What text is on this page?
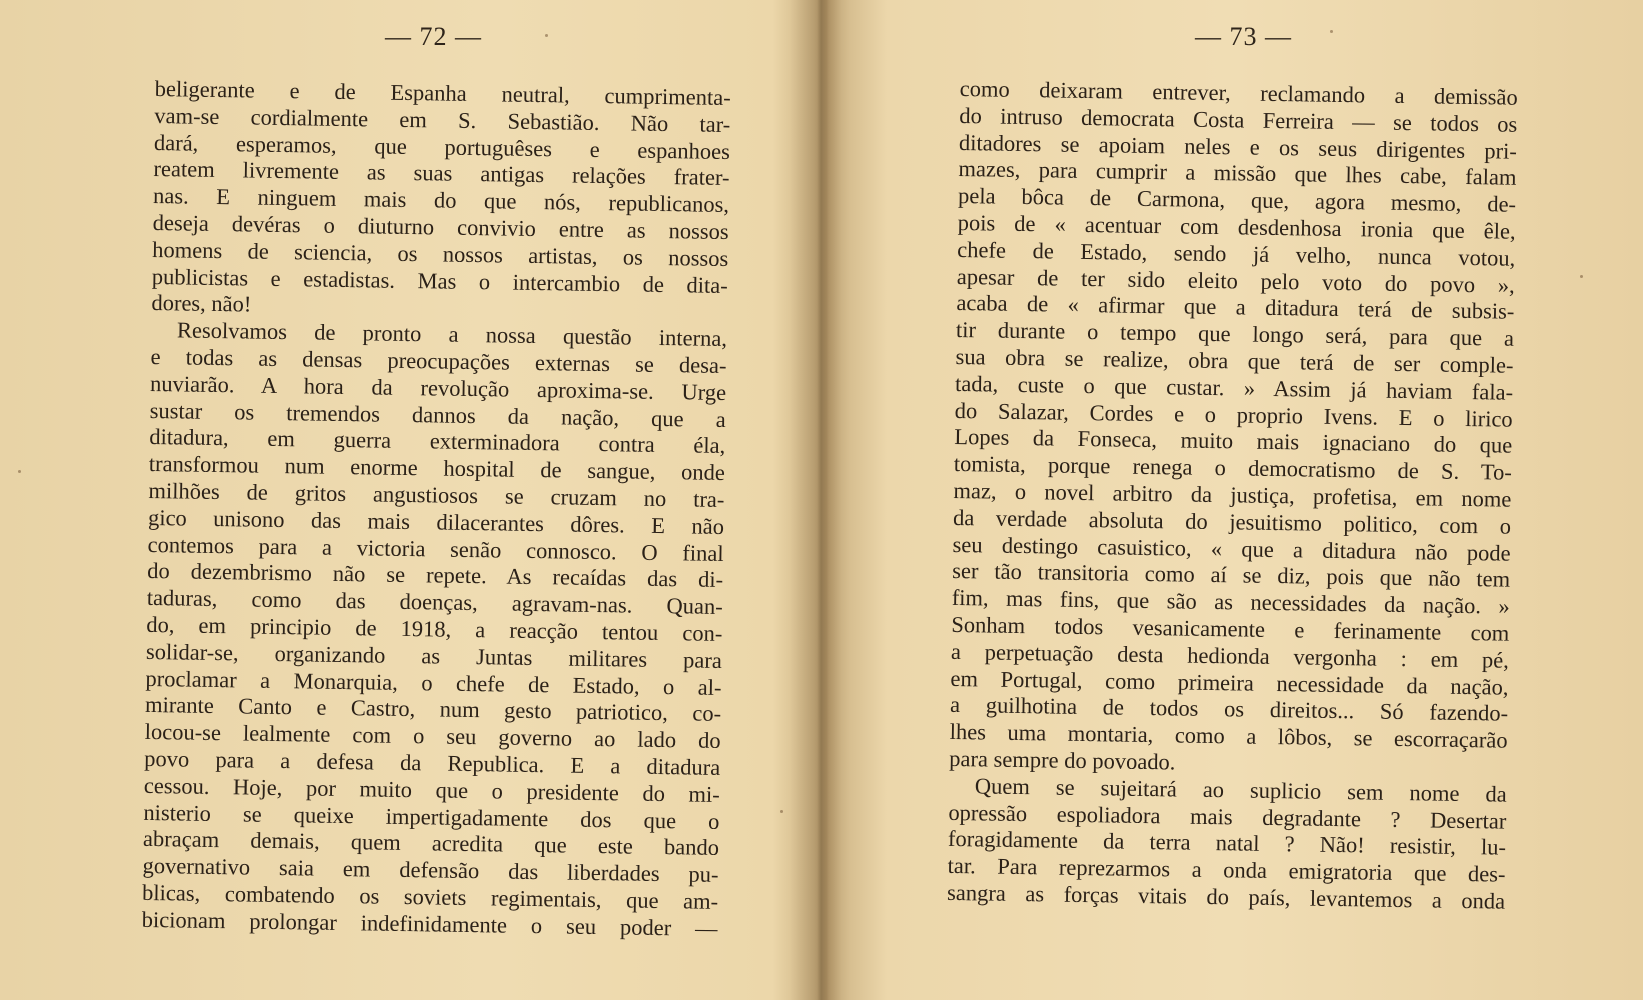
— 72 —
beligerante e de Espanha neutral, cumprimenta-
vam-se cordialmente em S. Sebastião. Não tar-
dará, esperamos, que portuguêses e espanhoes
reatem livremente as suas antigas relações frater-
nas. E ninguem mais do que nós, republicanos,
deseja devéras o diuturno convivio entre as nossos
homens de sciencia, os nossos artistas, os nossos
publicistas e estadistas. Mas o intercambio de dita-
dores, não!
Resolvamos de pronto a nossa questão interna,
e todas as densas preocupações externas se desa-
nuviarão. A hora da revolução aproxima-se. Urge
sustar os tremendos dannos da nação, que a
ditadura, em guerra exterminadora contra éla,
transformou num enorme hospital de sangue, onde
milhões de gritos angustiosos se cruzam no tra-
gico unisono das mais dilacerantes dôres. E não
contemos para a victoria senão connosco. O final
do dezembrismo não se repete. As recaídas das di-
taduras, como das doenças, agravam-nas. Quan-
do, em principio de 1918, a reacção tentou con-
solidar-se, organizando as Juntas militares para
proclamar a Monarquia, o chefe de Estado, o al-
mirante Canto e Castro, num gesto patriotico, co-
locou-se lealmente com o seu governo ao lado do
povo para a defesa da Republica. E a ditadura
cessou. Hoje, por muito que o presidente do mi-
nisterio se queixe impertigadamente dos que o
abraçam demais, quem acredita que este bando
governativo saia em defensão das liberdades pu-
blicas, combatendo os soviets regimentais, que am-
bicionam prolongar indefinidamente o seu poder —
— 73 —
como deixaram entrever, reclamando a demissão
do intruso democrata Costa Ferreira — se todos os
ditadores se apoiam neles e os seus dirigentes pri-
mazes, para cumprir a missão que lhes cabe, falam
pela bôca de Carmona, que, agora mesmo, de-
pois de « acentuar com desdenhosa ironia que êle,
chefe de Estado, sendo já velho, nunca votou,
apesar de ter sido eleito pelo voto do povo »,
acaba de « afirmar que a ditadura terá de subsis-
tir durante o tempo que longo será, para que a
sua obra se realize, obra que terá de ser comple-
tada, custe o que custar. » Assim já haviam fala-
do Salazar, Cordes e o proprio Ivens. E o lirico
Lopes da Fonseca, muito mais ignaciano do que
tomista, porque renega o democratismo de S. To-
maz, o novel arbitro da justiça, profetisa, em nome
da verdade absoluta do jesuitismo politico, com o
seu destingo casuistico, « que a ditadura não pode
ser tão transitoria como aí se diz, pois que não tem
fim, mas fins, que são as necessidades da nação. »
Sonham todos vesanicamente e ferinamente com
a perpetuação desta hedionda vergonha : em pé,
em Portugal, como primeira necessidade da nação,
a guilhotina de todos os direitos... Só fazendo-
lhes uma montaria, como a lôbos, se escorraçarão
para sempre do povoado.
Quem se sujeitará ao suplicio sem nome da
opressão espoliadora mais degradante ? Desertar
foragidamente da terra natal ? Não! resistir, lu-
tar. Para reprezarmos a onda emigratoria que des-
sangra as forças vitais do país, levantemos a onda
